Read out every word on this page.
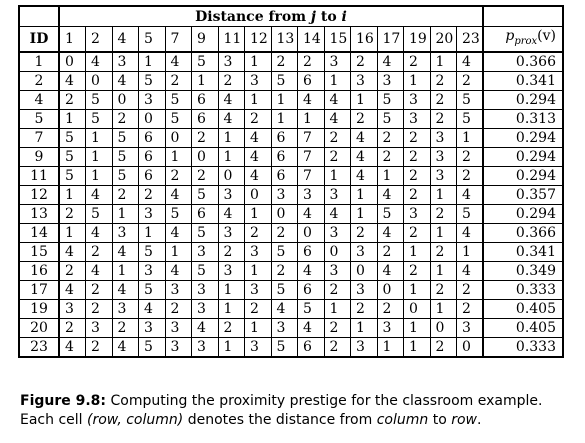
	Distance from j to i																
ID	1	2	4	5	7	9	11	12	13	14	15	16	17	19	20	23	$p_{prox}(v)$
1	0	4	3	1	4	5	3	1	2	2	3	2	4	2	1	4	0.366
2	4	0	4	5	2	1	2	3	5	6	1	3	3	1	2	2	0.341
4	2	5	0	3	5	6	4	1	1	4	4	1	5	3	2	5	0.294
5	1	5	2	0	5	6	4	2	1	1	4	2	5	3	2	5	0.313
7	5	1	5	6	0	2	1	4	6	7	2	4	2	2	3	1	0.294
9	5	1	5	6	1	0	1	4	6	7	2	4	2	2	3	2	0.294
11	5	1	5	6	2	2	0	4	6	7	1	4	1	2	3	2	0.294
12	1	4	2	2	4	5	3	0	3	3	3	1	4	2	1	4	0.357
13	2	5	1	3	5	6	4	1	0	4	4	1	5	3	2	5	0.294
14	1	4	3	1	4	5	3	2	2	0	3	2	4	2	1	4	0.366
15	4	2	4	5	1	3	2	3	5	6	0	3	2	1	2	1	0.341
16	2	4	1	3	4	5	3	1	2	4	3	0	4	2	1	4	0.349
17	4	2	4	5	3	3	1	3	5	6	2	3	0	1	2	2	0.333
19	3	2	3	4	2	3	1	2	4	5	1	2	2	0	1	2	0.405
20	2	3	2	3	3	4	2	1	3	4	2	1	3	1	0	3	0.405
23	4	2	4	5	3	3	1	3	5	6	2	3	1	1	2	0	0.333
Figure 9.8: Computing the proximity prestige for the classroom example. Each cell (row, column) denotes the distance from column to row.
